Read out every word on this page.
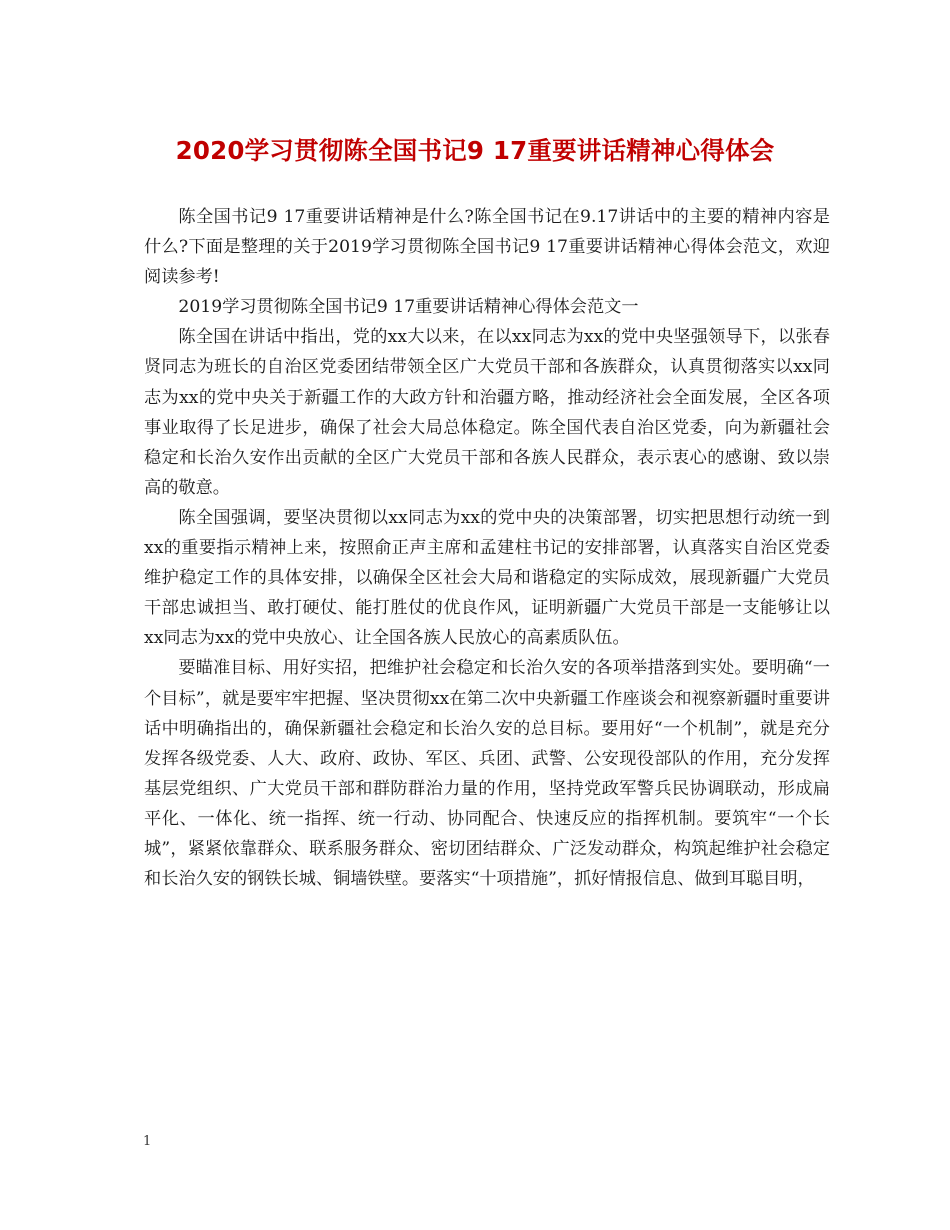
2020学习贯彻陈全国书记9 17重要讲话精神心得体会

陈全国书记9 17重要讲话精神是什么?陈全国书记在9.17讲话中的主要的精神内容是什么?下面是整理的关于2019学习贯彻陈全国书记9 17重要讲话精神心得体会范文，欢迎阅读参考!

2019学习贯彻陈全国书记9 17重要讲话精神心得体会范文一

陈全国在讲话中指出，党的xx大以来，在以xx同志为xx的党中央坚强领导下，以张春贤同志为班长的自治区党委团结带领全区广大党员干部和各族群众，认真贯彻落实以xx同志为xx的党中央关于新疆工作的大政方针和治疆方略，推动经济社会全面发展，全区各项事业取得了长足进步，确保了社会大局总体稳定。陈全国代表自治区党委，向为新疆社会稳定和长治久安作出贡献的全区广大党员干部和各族人民群众，表示衷心的感谢、致以崇高的敬意。

陈全国强调，要坚决贯彻以xx同志为xx的党中央的决策部署，切实把思想行动统一到xx的重要指示精神上来，按照俞正声主席和孟建柱书记的安排部署，认真落实自治区党委维护稳定工作的具体安排，以确保全区社会大局和谐稳定的实际成效，展现新疆广大党员干部忠诚担当、敢打硬仗、能打胜仗的优良作风，证明新疆广大党员干部是一支能够让以xx同志为xx的党中央放心、让全国各族人民放心的高素质队伍。

要瞄准目标、用好实招，把维护社会稳定和长治久安的各项举措落到实处。要明确“一个目标”，就是要牢牢把握、坚决贯彻xx在第二次中央新疆工作座谈会和视察新疆时重要讲话中明确指出的，确保新疆社会稳定和长治久安的总目标。要用好“一个机制”，就是充分发挥各级党委、人大、政府、政协、军区、兵团、武警、公安现役部队的作用，充分发挥基层党组织、广大党员干部和群防群治力量的作用，坚持党政军警兵民协调联动，形成扁平化、一体化、统一指挥、统一行动、协同配合、快速反应的指挥机制。要筑牢“一个长城”，紧紧依靠群众、联系服务群众、密切团结群众、广泛发动群众，构筑起维护社会稳定和长治久安的钢铁长城、铜墙铁壁。要落实“十项措施”，抓好情报信息、做到耳聪目明，

1
